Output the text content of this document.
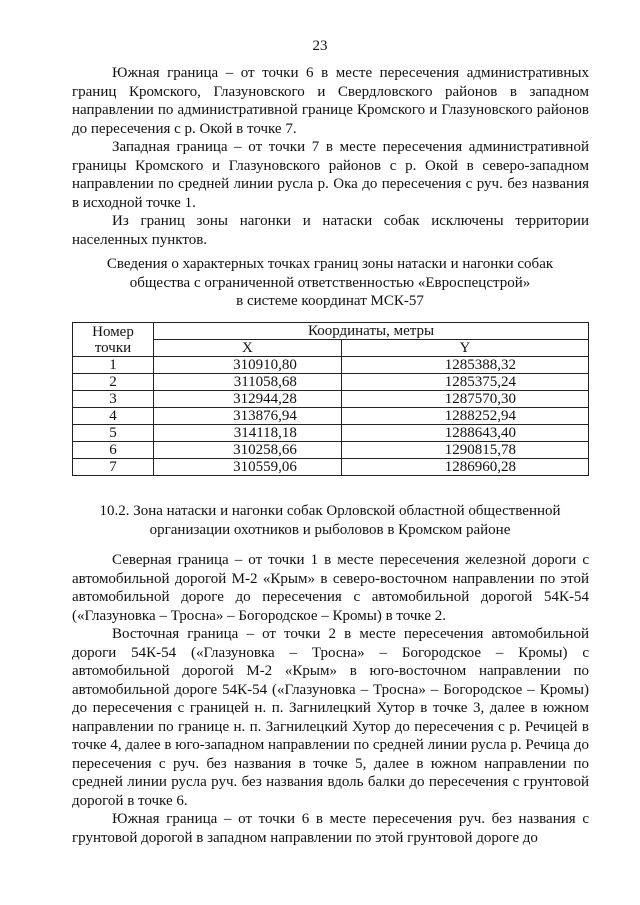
23

Южная граница – от точки 6 в месте пересечения административных границ Кромского, Глазуновского и Свердловского районов в западном направлении по административной границе Кромского и Глазуновского районов до пересечения с р. Окой в точке 7.

Западная граница – от точки 7 в месте пересечения административной границы Кромского и Глазуновского районов с р. Окой в северо-западном направлении по средней линии русла р. Ока до пересечения с руч. без названия в исходной точке 1.

Из границ зоны нагонки и натаски собак исключены территории населенных пунктов.

Сведения о характерных точках границ зоны натаски и нагонки собак
общества с ограниченной ответственностью «Евроспецстрой»
в системе координат МСК-57
Номер
точки	Координаты, метры	
	X	Y
1	310910,80	1285388,32
2	311058,68	1285375,24
3	312944,28	1287570,30
4	313876,94	1288252,94
5	314118,18	1288643,40
6	310258,66	1290815,78
7	310559,06	1286960,28
10.2. Зона натаски и нагонки собак Орловской областной общественной
организации охотников и рыболовов в Кромском районе

Северная граница – от точки 1 в месте пересечения железной дороги с автомобильной дорогой М-2 «Крым» в северо-восточном направлении по этой автомобильной дороге до пересечения с автомобильной дорогой 54К-54 («Глазуновка – Тросна» – Богородское – Кромы) в точке 2.

Восточная граница – от точки 2 в месте пересечения автомобильной дороги 54К-54 («Глазуновка – Тросна» – Богородское – Кромы) с автомобильной дорогой М-2 «Крым» в юго-восточном направлении по автомобильной дороге 54К-54 («Глазуновка – Тросна» – Богородское – Кромы) до пересечения с границей н. п. Загнилецкий Хутор в точке 3, далее в южном направлении по границе н. п. Загнилецкий Хутор до пересечения с р. Речицей в точке 4, далее в юго-западном направлении по средней линии русла р. Речица до пересечения с руч. без названия в точке 5, далее в южном направлении по средней линии русла руч. без названия вдоль балки до пересечения с грунтовой дорогой в точке 6.

Южная граница – от точки 6 в месте пересечения руч. без названия с грунтовой дорогой в западном направлении по этой грунтовой дороге до
